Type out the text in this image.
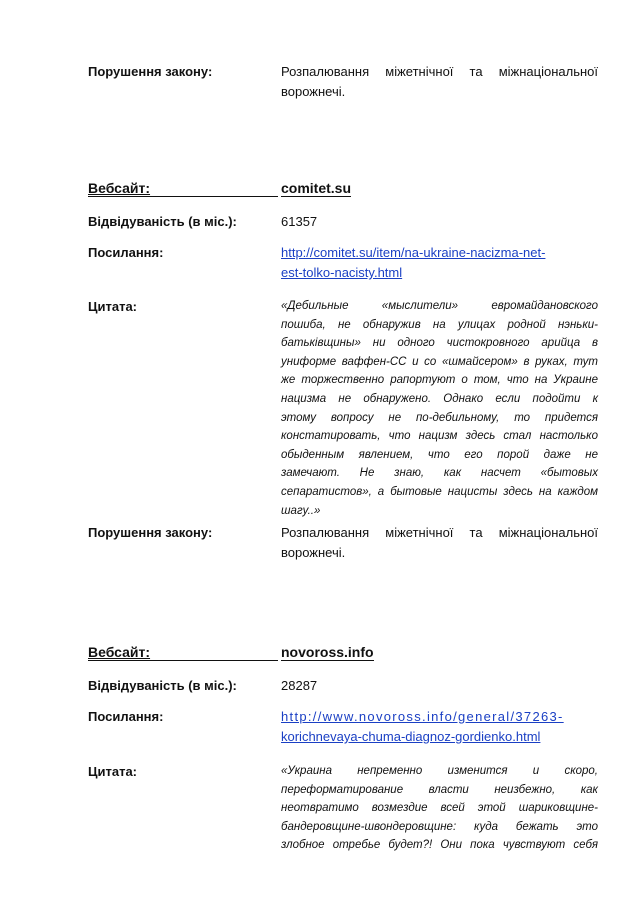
Порушення закону:	Розпалювання міжетнічної та міжнаціональної ворожнечі.
Вебсайт:	comitet.su
Відвідуваність (в міс.):	61357
Посилання:	http://comitet.su/item/na-ukraine-nacizma-net-
est-tolko-nacisty.html
Цитата:	«Дебильные «мыслители» евромайдановского
пошиба, не обнаружив на улицах родной нэньки-
батьківщины» ни одного чистокровного арийца в
униформе ваффен-СС и со «шмайсером» в руках, тут
же торжественно рапортуют о том, что на Украине
нацизма не обнаружено. Однако если подойти к
этому вопросу не по-дебильному, то придется
констатировать, что нацизм здесь стал настолько
обыденным явлением, что его порой даже не
замечают. Не знаю, как насчет «бытовых
сепаратистов», а бытовые нацисты здесь на каждом
шагу..»
Порушення закону:	Розпалювання міжетнічної та міжнаціональної ворожнечі.
Вебсайт:	novoross.info
Відвідуваність (в міс.):	28287
Посилання:	http://www.novoross.info/general/37263-
korichnevaya-chuma-diagnoz-gordienko.html
Цитата:	«Украина непременно изменится и скоро,
переформатирование власти неизбежно, как
неотвратимо возмездие всей этой шариковщине-
бандеровщине-швондеровщине: куда бежать это
злобное отребье будет?! Они пока чувствуют себя
